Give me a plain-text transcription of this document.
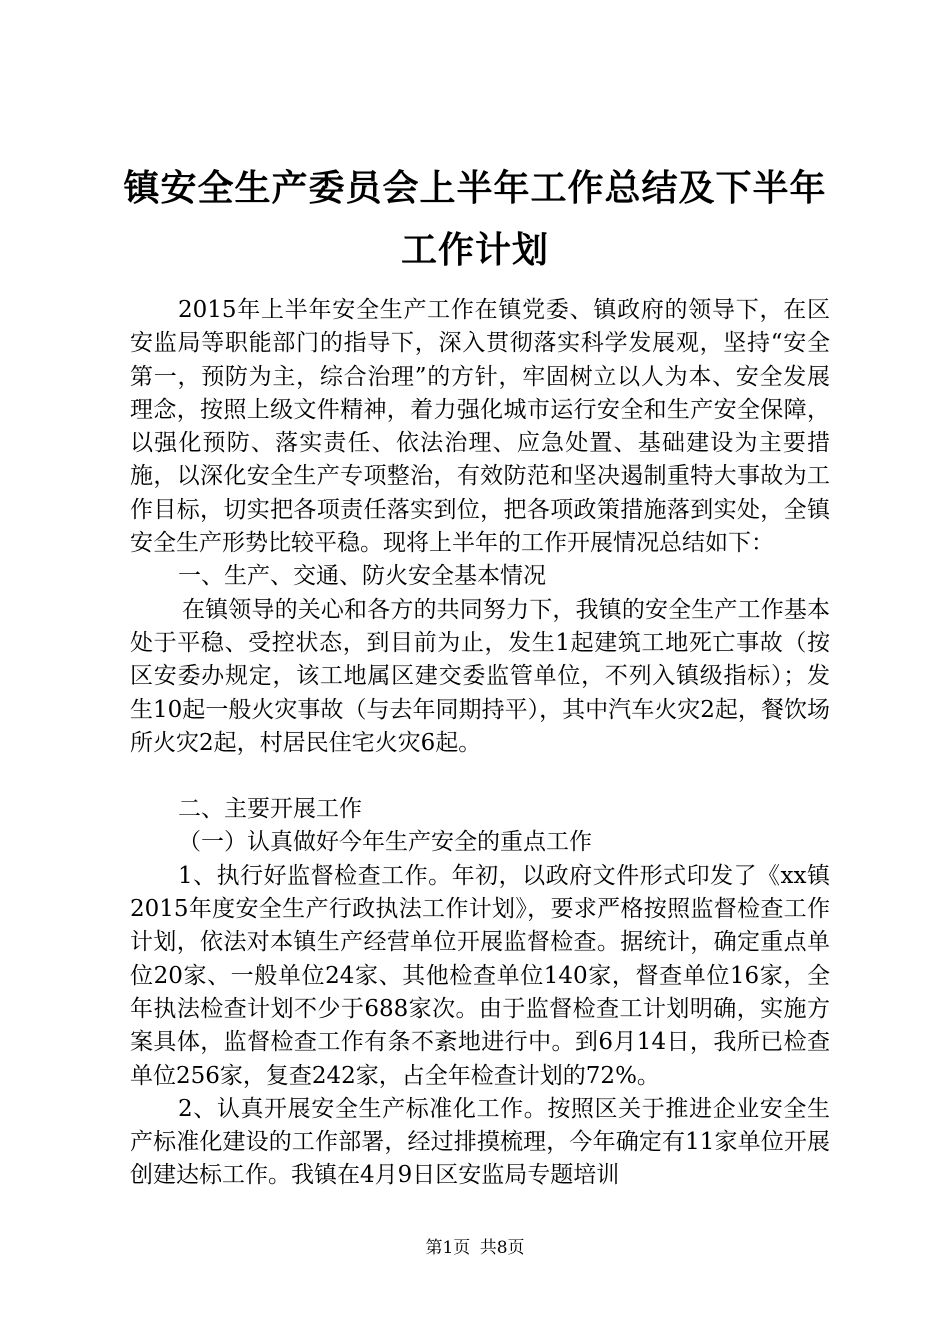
镇安全生产委员会上半年工作总结及下半年工作计划

2015年上半年安全生产工作在镇党委、镇政府的领导下，在区安监局等职能部门的指导下，深入贯彻落实科学发展观，坚持“安全第一，预防为主，综合治理”的方针，牢固树立以人为本、安全发展理念，按照上级文件精神，着力强化城市运行安全和生产安全保障，以强化预防、落实责任、依法治理、应急处置、基础建设为主要措施，以深化安全生产专项整治，有效防范和坚决遏制重特大事故为工作目标，切实把各项责任落实到位，把各项政策措施落到实处，全镇安全生产形势比较平稳。现将上半年的工作开展情况总结如下：

一、生产、交通、防火安全基本情况

在镇领导的关心和各方的共同努力下，我镇的安全生产工作基本处于平稳、受控状态，到目前为止，发生1起建筑工地死亡事故（按区安委办规定，该工地属区建交委监管单位，不列入镇级指标）；发生10起一般火灾事故（与去年同期持平），其中汽车火灾2起，餐饮场所火灾2起，村居民住宅火灾6起。

二、主要开展工作

（一）认真做好今年生产安全的重点工作

1、执行好监督检查工作。年初，以政府文件形式印发了《xx镇2015年度安全生产行政执法工作计划》，要求严格按照监督检查工作计划，依法对本镇生产经营单位开展监督检查。据统计，确定重点单位20家、一般单位24家、其他检查单位140家，督查单位16家，全年执法检查计划不少于688家次。由于监督检查工计划明确，实施方案具体，监督检查工作有条不紊地进行中。到6月14日，我所已检查单位256家，复查242家，占全年检查计划的72%。

2、认真开展安全生产标准化工作。按照区关于推进企业安全生产标准化建设的工作部署，经过排摸梳理，今年确定有11家单位开展创建达标工作。我镇在4月9日区安监局专题培训

第1页 共8页
